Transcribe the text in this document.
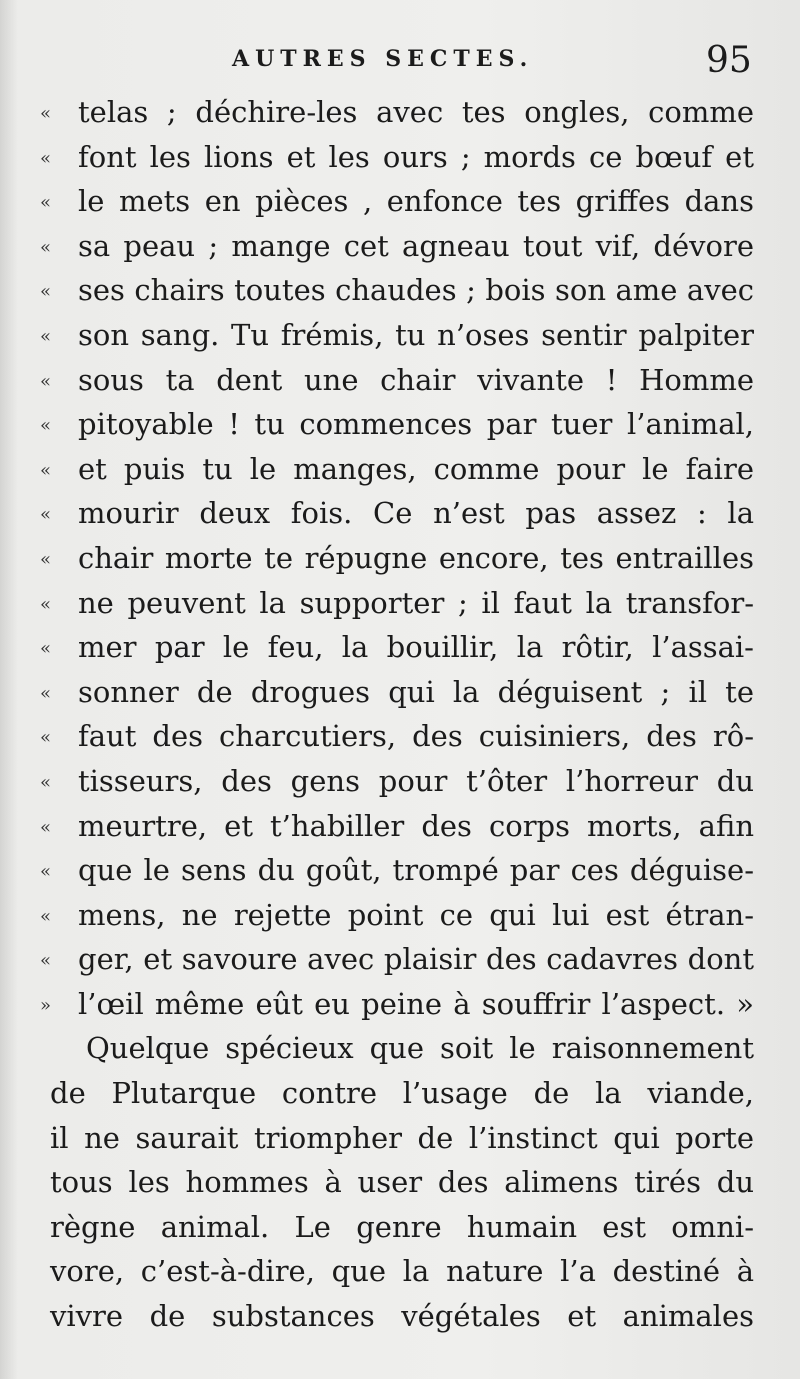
AUTRES SECTES.	95
« telas ; déchire-les avec tes ongles, comme
« font les lions et les ours ; mords ce bœuf et
« le mets en pièces , enfonce tes griffes dans
« sa peau ; mange cet agneau tout vif, dévore
« ses chairs toutes chaudes ; bois son ame avec
« son sang. Tu frémis, tu n’oses sentir palpiter
« sous ta dent une chair vivante ! Homme
« pitoyable ! tu commences par tuer l’animal,
« et puis tu le manges, comme pour le faire
« mourir deux fois. Ce n’est pas assez : la
« chair morte te répugne encore, tes entrailles
« ne peuvent la supporter ; il faut la transfor-
« mer par le feu, la bouillir, la rôtir, l’assai-
« sonner de drogues qui la déguisent ; il te
« faut des charcutiers, des cuisiniers, des rô-
« tisseurs, des gens pour t’ôter l’horreur du
« meurtre, et t’habiller des corps morts, afin
« que le sens du goût, trompé par ces déguise-
« mens, ne rejette point ce qui lui est étran-
« ger, et savoure avec plaisir des cadavres dont
» l’œil même eût eu peine à souffrir l’aspect. »
Quelque spécieux que soit le raisonnement
de Plutarque contre l’usage de la viande,
il ne saurait triompher de l’instinct qui porte
tous les hommes à user des alimens tirés du
règne animal. Le genre humain est omni-
vore, c’est-à-dire, que la nature l’a destiné à
vivre de substances végétales et animales
